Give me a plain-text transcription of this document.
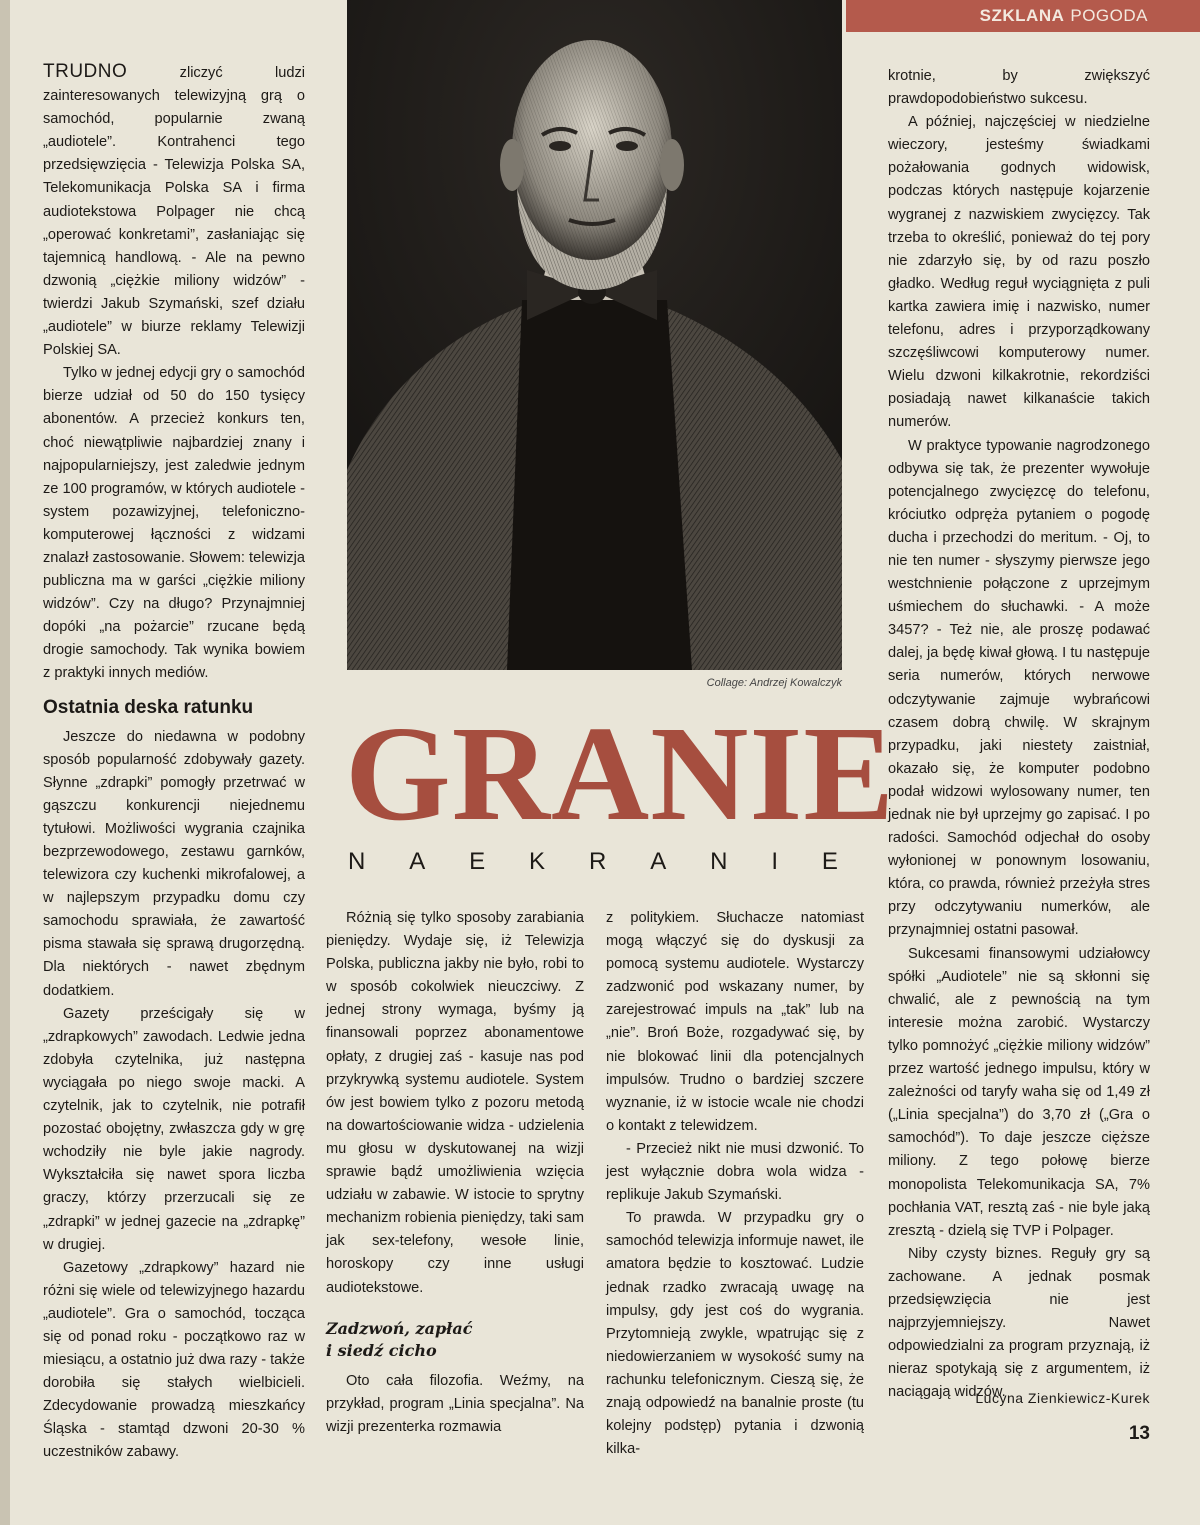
SZKLANA POGODA

TRUDNO zliczyć ludzi zainteresowanych telewizyjną grą o samochód, popularnie zwaną „audiotele”. Kontrahenci tego przedsięwzięcia - Telewizja Polska SA, Telekomunikacja Polska SA i firma audiotekstowa Polpager nie chcą „operować konkretami”, zasłaniając się tajemnicą handlową. - Ale na pewno dzwonią „ciężkie miliony widzów” - twierdzi Jakub Szymański, szef działu „audiotele” w biurze reklamy Telewizji Polskiej SA.

Tylko w jednej edycji gry o samochód bierze udział od 50 do 150 tysięcy abonentów. A przecież konkurs ten, choć niewątpliwie najbardziej znany i najpopularniejszy, jest zaledwie jednym ze 100 programów, w których audiotele - system pozawizyjnej, telefoniczno-komputerowej łączności z widzami znalazł zastosowanie. Słowem: telewizja publiczna ma w garści „ciężkie miliony widzów”. Czy na długo? Przynajmniej dopóki „na pożarcie” rzucane będą drogie samochody. Tak wynika bowiem z praktyki innych mediów.

Ostatnia deska ratunku

Jeszcze do niedawna w podobny sposób popularność zdobywały gazety. Słynne „zdrapki” pomogły przetrwać w gąszczu konkurencji niejednemu tytułowi. Możliwości wygrania czajnika bezprzewodowego, zestawu garnków, telewizora czy kuchenki mikrofalowej, a w najlepszym przypadku domu czy samochodu sprawiała, że zawartość pisma stawała się sprawą drugorzędną. Dla niektórych - nawet zbędnym dodatkiem.

Gazety prześcigały się w „zdrapkowych” zawodach. Ledwie jedna zdobyła czytelnika, już następna wyciągała po niego swoje macki. A czytelnik, jak to czytelnik, nie potrafił pozostać obojętny, zwłaszcza gdy w grę wchodziły nie byle jakie nagrody. Wykształciła się nawet spora liczba graczy, którzy przerzucali się ze „zdrapki” w jednej gazecie na „zdrapkę” w drugiej.

Gazetowy „zdrapkowy” hazard nie różni się wiele od telewizyjnego hazardu „audiotele”. Gra o samochód, tocząca się od ponad roku - początkowo raz w miesiącu, a ostatnio już dwa razy - także dorobiła się stałych wielbicieli. Zdecydowanie prowadzą mieszkańcy Śląska - stamtąd dzwoni 20-30 % uczestników zabawy.

Collage: Andrzej Kowalczyk
GRANIE
N A E K R A N I E

Różnią się tylko sposoby zarabiania pieniędzy. Wydaje się, iż Telewizja Polska, publiczna jakby nie było, robi to w sposób cokolwiek nieuczciwy. Z jednej strony wymaga, byśmy ją finansowali poprzez abonamentowe opłaty, z drugiej zaś - kasuje nas pod przykrywką systemu audiotele. System ów jest bowiem tylko z pozoru metodą na dowartościowanie widza - udzielenia mu głosu w dyskutowanej na wizji sprawie bądź umożliwienia wzięcia udziału w zabawie. W istocie to sprytny mechanizm robienia pieniędzy, taki sam jak sex-telefony, wesołe linie, horoskopy czy inne usługi audiotekstowe.

Zadzwoń, zapłać
i siedź cicho

Oto cała filozofia. Weźmy, na przykład, program „Linia specjalna”. Na wizji prezenterka rozmawia

z politykiem. Słuchacze natomiast mogą włączyć się do dyskusji za pomocą systemu audiotele. Wystarczy zadzwonić pod wskazany numer, by zarejestrować impuls na „tak” lub na „nie”. Broń Boże, rozgadywać się, by nie blokować linii dla potencjalnych impulsów. Trudno o bardziej szczere wyznanie, iż w istocie wcale nie chodzi o kontakt z telewidzem.

- Przecież nikt nie musi dzwonić. To jest wyłącznie dobra wola widza - replikuje Jakub Szymański.

To prawda. W przypadku gry o samochód telewizja informuje nawet, ile amatora będzie to kosztować. Ludzie jednak rzadko zwracają uwagę na impulsy, gdy jest coś do wygrania. Przytomnieją zwykle, wpatrując się z niedowierzaniem w wysokość sumy na rachunku telefonicznym. Cieszą się, że znają odpowiedź na banalnie proste (tu kolejny podstęp) pytania i dzwonią kilka-

krotnie, by zwiększyć prawdopodobieństwo sukcesu.

A później, najczęściej w niedzielne wieczory, jesteśmy świadkami pożałowania godnych widowisk, podczas których następuje kojarzenie wygranej z nazwiskiem zwycięzcy. Tak trzeba to określić, ponieważ do tej pory nie zdarzyło się, by od razu poszło gładko. Według reguł wyciągnięta z puli kartka zawiera imię i nazwisko, numer telefonu, adres i przyporządkowany szczęśliwcowi komputerowy numer. Wielu dzwoni kilkakrotnie, rekordziści posiadają nawet kilkanaście takich numerów.

W praktyce typowanie nagrodzonego odbywa się tak, że prezenter wywołuje potencjalnego zwycięzcę do telefonu, króciutko odpręża pytaniem o pogodę ducha i przechodzi do meritum. - Oj, to nie ten numer - słyszymy pierwsze jego westchnienie połączone z uprzejmym uśmiechem do słuchawki. - A może 3457? - Też nie, ale proszę podawać dalej, ja będę kiwał głową. I tu następuje seria numerów, których nerwowe odczytywanie zajmuje wybrańcowi czasem dobrą chwilę. W skrajnym przypadku, jaki niestety zaistniał, okazało się, że komputer podobno podał widzowi wylosowany numer, ten jednak nie był uprzejmy go zapisać. I po radości. Samochód odjechał do osoby wyłonionej w ponownym losowaniu, która, co prawda, również przeżyła stres przy odczytywaniu numerków, ale przynajmniej ostatni pasował.

Sukcesami finansowymi udziałowcy spółki „Audiotele” nie są skłonni się chwalić, ale z pewnością na tym interesie można zarobić. Wystarczy tylko pomnożyć „ciężkie miliony widzów” przez wartość jednego impulsu, który w zależności od taryfy waha się od 1,49 zł („Linia specjalna”) do 3,70 zł („Gra o samochód”). To daje jeszcze cięższe miliony. Z tego połowę bierze monopolista Telekomunikacja SA, 7% pochłania VAT, resztą zaś - nie byle jaką zresztą - dzielą się TVP i Polpager.

Niby czysty biznes. Reguły gry są zachowane. A jednak posmak przedsięwzięcia nie jest najprzyjemniejszy. Nawet odpowiedzialni za program przyznają, iż nieraz spotykają się z argumentem, iż naciągają widzów.

Lucyna Zienkiewicz-Kurek
13
